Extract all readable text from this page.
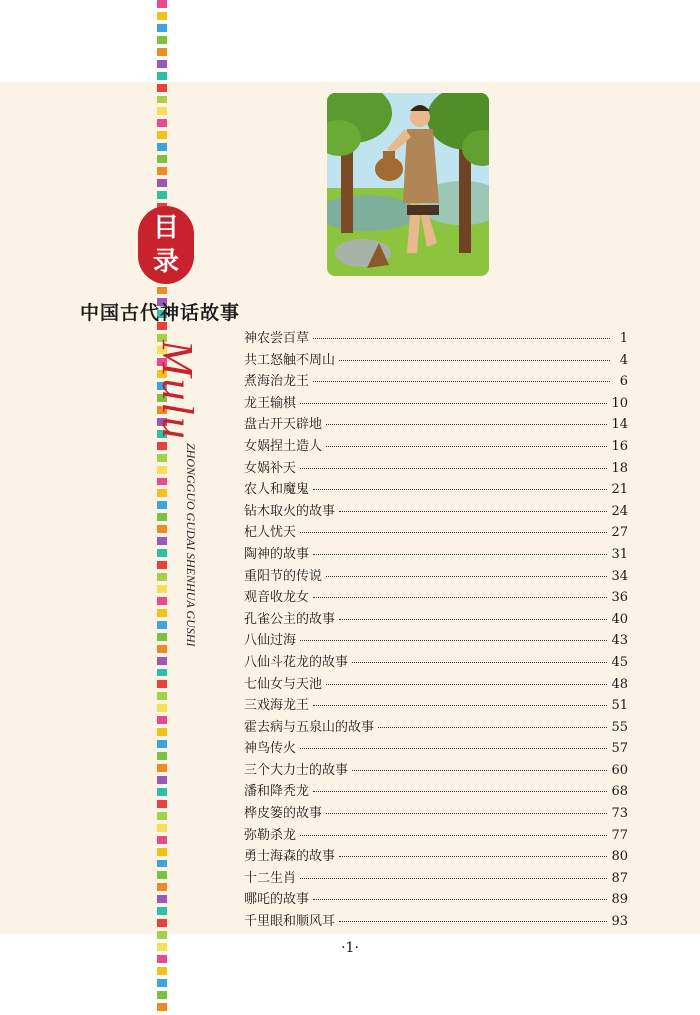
目
录
中国古代神话故事
Mulu
ZHONGGUO GUDAI SHENHUA GUSHI
神农尝百草	1
共工怒触不周山	4
煮海治龙王	6
龙王输棋	10
盘古开天辟地	14
女娲捏土造人	16
女娲补天	18
农人和魔鬼	21
钻木取火的故事	24
杞人忧天	27
陶神的故事	31
重阳节的传说	34
观音收龙女	36
孔雀公主的故事	40
八仙过海	43
八仙斗花龙的故事	45
七仙女与天池	48
三戏海龙王	51
霍去病与五泉山的故事	55
神鸟传火	57
三个大力士的故事	60
潘和降秃龙	68
桦皮篓的故事	73
弥勒杀龙	77
勇士海森的故事	80
十二生肖	87
哪吒的故事	89
千里眼和顺风耳	93
·1·
